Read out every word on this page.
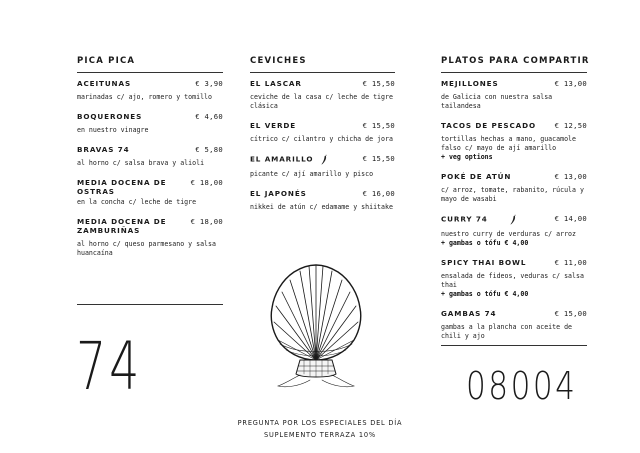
PICA PICA
ACEITUNAS	€ 3,90
marinadas c/ ajo, romero y tomillo
BOQUERONES	€ 4,60
en nuestro vinagre
BRAVAS 74	€ 5,80
al horno c/ salsa brava y alioli
MEDIA DOCENA DE OSTRAS
€ 18,00
en la concha c/ leche de tigre
MEDIA DOCENA DE ZAMBURIÑAS
€ 18,00
al horno c/ queso parmesano y salsa huancaína
CEVICHES
EL LASCAR	€ 15,50
ceviche de la casa c/ leche de tigre clásica
EL VERDE	€ 15,50
cítrico c/ cilantro y chicha de jora
EL AMARILLO	€ 15,50
picante c/ ají amarillo y pisco
EL JAPONÉS	€ 16,00
nikkei de atún c/ edamame y shiitake
PLATOS PARA COMPARTIR
MEJILLONES	€ 13,00
de Galicia con nuestra salsa tailandesa
TACOS DE PESCADO	€ 12,50
tortillas hechas a mano, guacamole falso c/ mayo de ají amarillo
+ veg options
POKÉ DE ATÚN	€ 13,00
c/ arroz, tomate, rabanito, rúcula y mayo de wasabi
CURRY 74	€ 14,00
nuestro curry de verduras c/ arroz
+ gambas o tófu € 4,00
SPICY THAI BOWL	€ 11,00
ensalada de fideos, veduras c/ salsa thai
+ gambas o tófu € 4,00
GAMBAS 74	€ 15,00
gambas a la plancha con aceite de chili y ajo
74	08004
PREGUNTA POR LOS ESPECIALES DEL DÍA
SUPLEMENTO TERRAZA 10%
